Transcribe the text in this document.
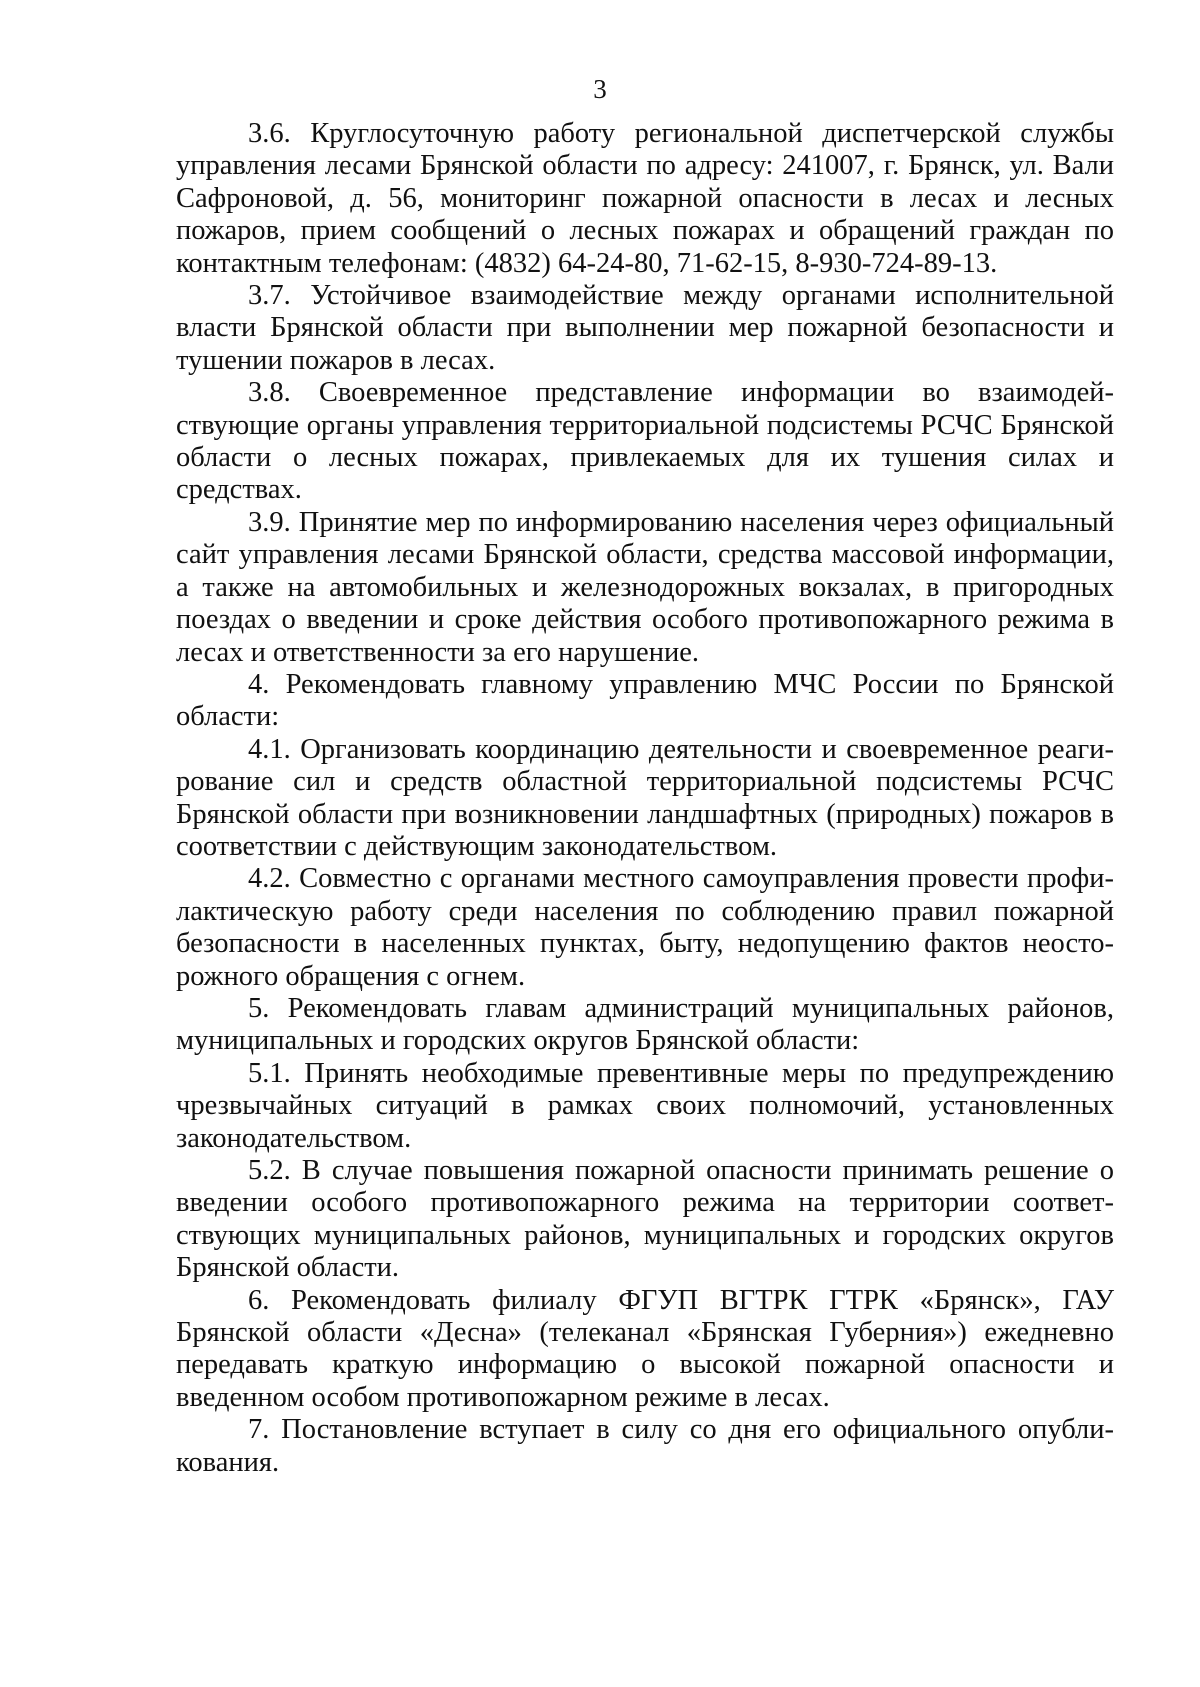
3

3.6. Круглосуточную работу региональной диспетчерской службы управления лесами Брянской области по адресу: 241007, г. Брянск, ул. Вали Сафроновой, д. 56, мониторинг пожарной опасности в лесах и лесных пожаров, прием сообщений о лесных пожарах и обращений граждан по контактным телефонам: (4832) 64-24-80, 71-62-15, 8-930-724-89-13.

3.7. Устойчивое взаимодействие между органами исполнительной власти Брянской области при выполнении мер пожарной безопасности и тушении пожаров в лесах.

3.8. Своевременное представление информации во взаимодействующие органы управления территориальной подсистемы РСЧС Брянской области о лесных пожарах, привлекаемых для их тушения силах и средствах.

3.9. Принятие мер по информированию населения через официальный сайт управления лесами Брянской области, средства массовой информации, а также на автомобильных и железнодорожных вокзалах, в пригородных поездах о введении и сроке действия особого противопожарного режима в лесах и ответственности за его нарушение.

4. Рекомендовать главному управлению МЧС России по Брянской области:

4.1. Организовать координацию деятельности и своевременное реагирование сил и средств областной территориальной подсистемы РСЧС Брянской области при возникновении ландшафтных (природных) пожаров в соответствии с действующим законодательством.

4.2. Совместно с органами местного самоуправления провести профилактическую работу среди населения по соблюдению правил пожарной безопасности в населенных пунктах, быту, недопущению фактов неосторожного обращения с огнем.

5. Рекомендовать главам администраций муниципальных районов, муниципальных и городских округов Брянской области:

5.1. Принять необходимые превентивные меры по предупреждению чрезвычайных ситуаций в рамках своих полномочий, установленных законодательством.

5.2. В случае повышения пожарной опасности принимать решение о введении особого противопожарного режима на территории соответствующих муниципальных районов, муниципальных и городских округов Брянской области.

6. Рекомендовать филиалу ФГУП ВГТРК ГТРК «Брянск», ГАУ Брянской области «Десна» (телеканал «Брянская Губерния») ежедневно передавать краткую информацию о высокой пожарной опасности и введенном особом противопожарном режиме в лесах.

7. Постановление вступает в силу со дня его официального опубликования.
